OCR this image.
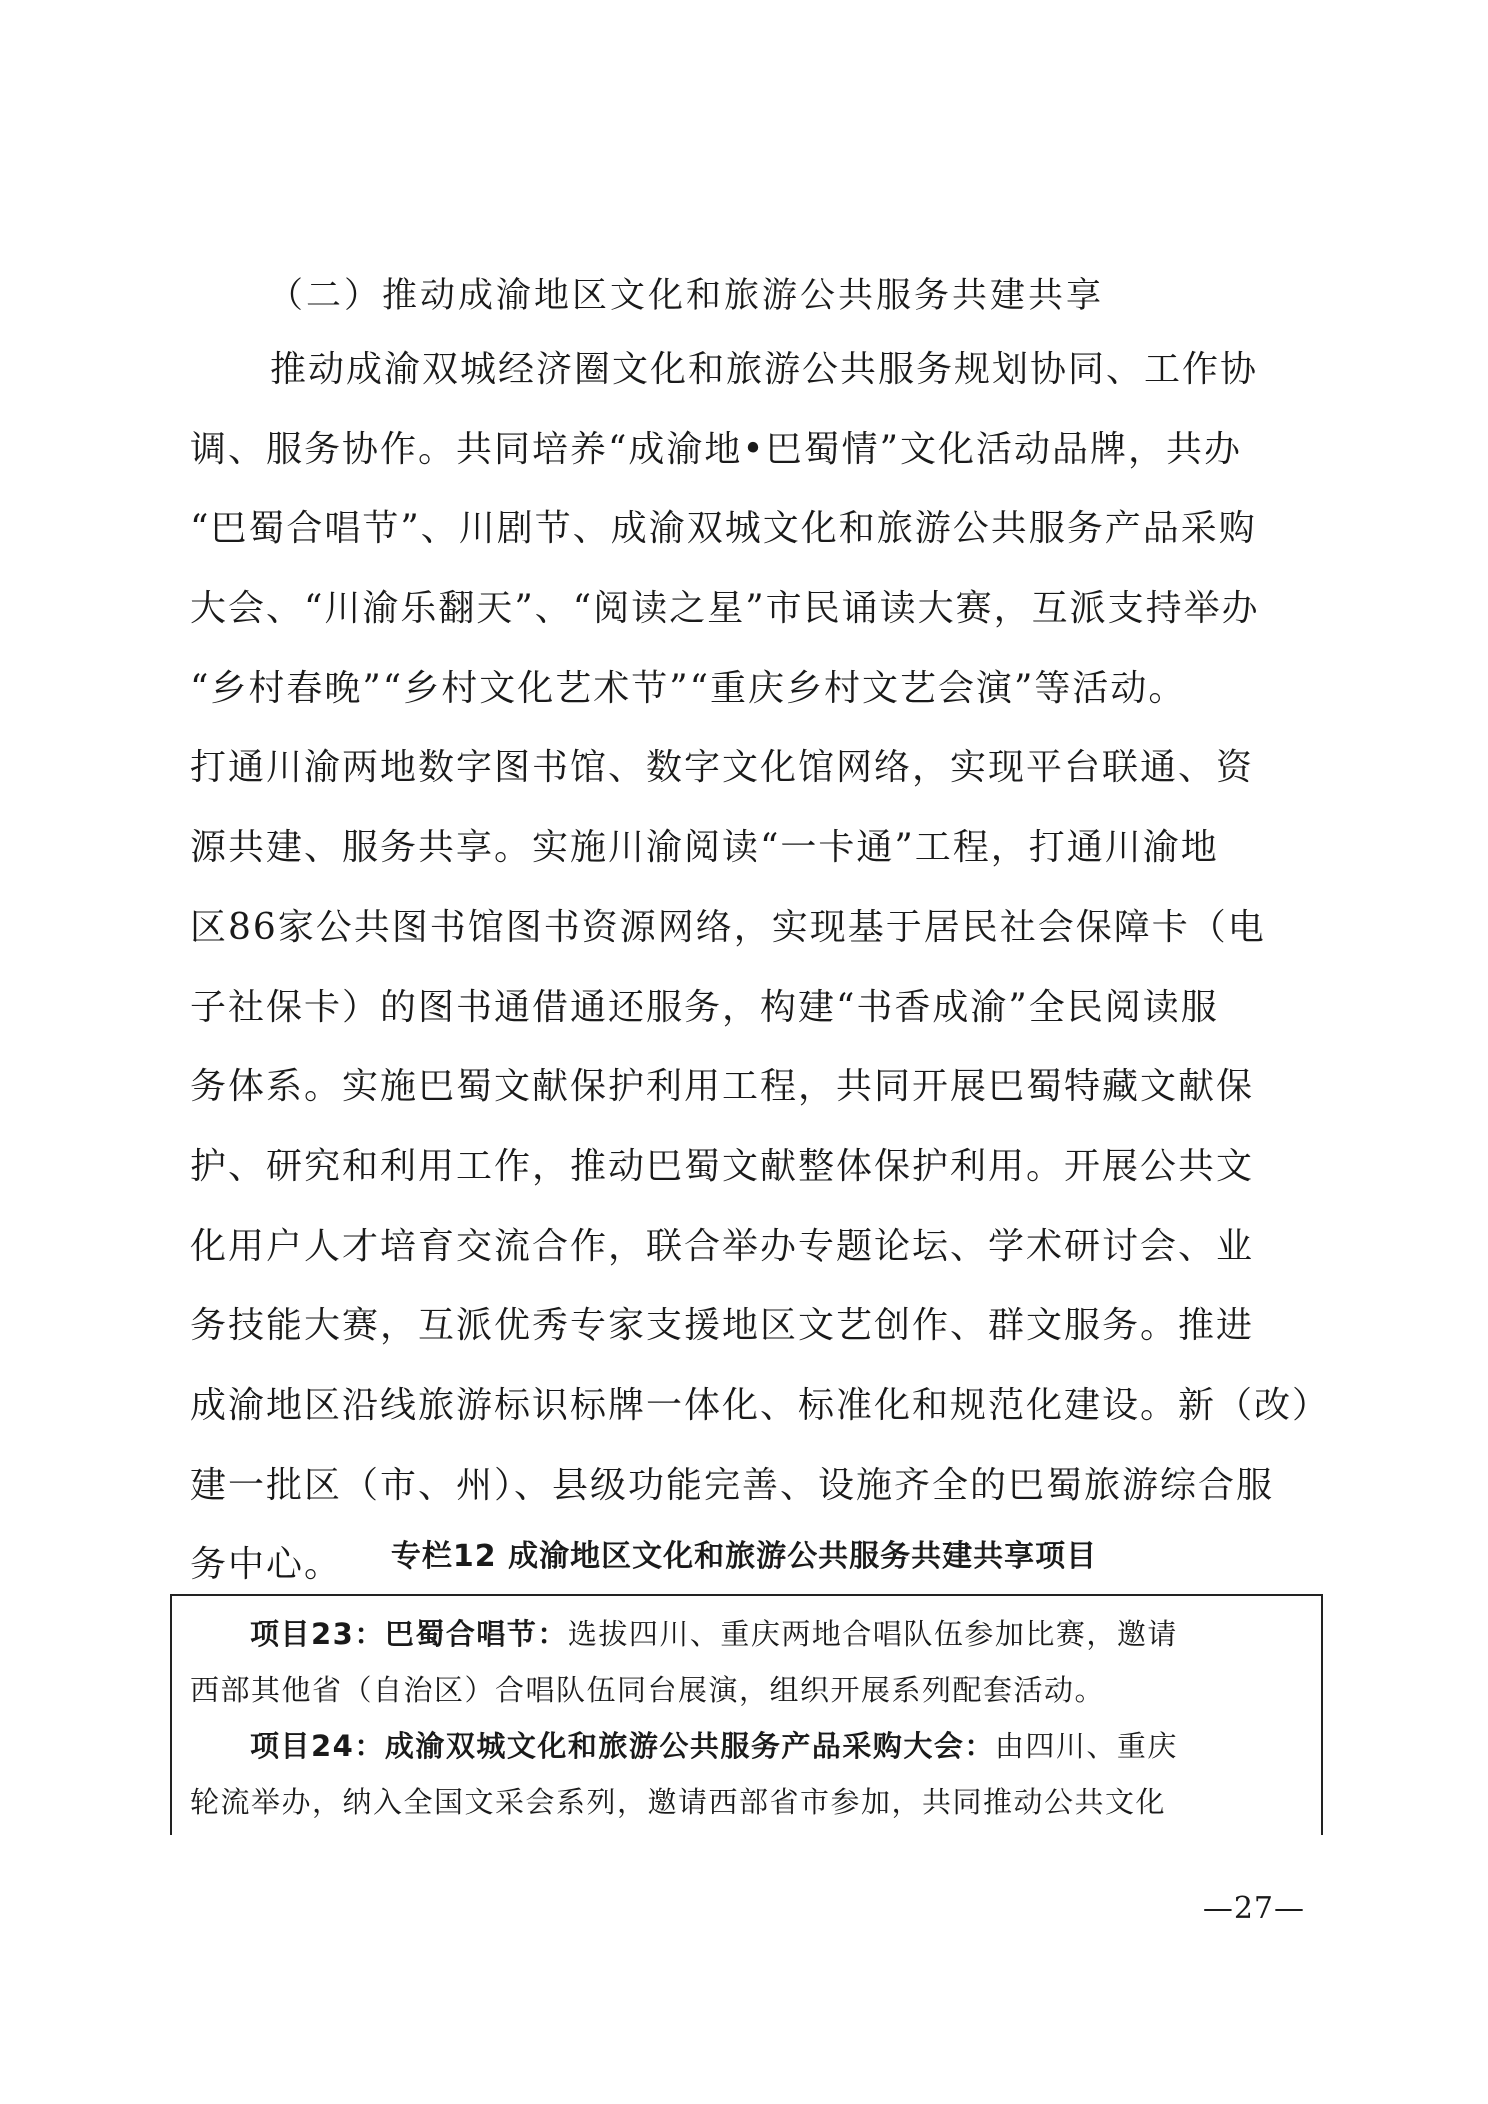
（二）推动成渝地区文化和旅游公共服务共建共享
推动成渝双城经济圈文化和旅游公共服务规划协同、工作协
调、服务协作。共同培养“成渝地•巴蜀情”文化活动品牌，共办
“巴蜀合唱节”、川剧节、成渝双城文化和旅游公共服务产品采购
大会、“川渝乐翻天”、“阅读之星”市民诵读大赛，互派支持举办
“乡村春晚”“乡村文化艺术节”“重庆乡村文艺会演”等活动。
打通川渝两地数字图书馆、数字文化馆网络，实现平台联通、资
源共建、服务共享。实施川渝阅读“一卡通”工程，打通川渝地
区86家公共图书馆图书资源网络，实现基于居民社会保障卡（电
子社保卡）的图书通借通还服务，构建“书香成渝”全民阅读服
务体系。实施巴蜀文献保护利用工程，共同开展巴蜀特藏文献保
护、研究和利用工作，推动巴蜀文献整体保护利用。开展公共文
化用户人才培育交流合作，联合举办专题论坛、学术研讨会、业
务技能大赛，互派优秀专家支援地区文艺创作、群文服务。推进
成渝地区沿线旅游标识标牌一体化、标准化和规范化建设。新（改）
建一批区（市、州）、县级功能完善、设施齐全的巴蜀旅游综合服
务中心。	专栏12 成渝地区文化和旅游公共服务共建共享项目
项目23：巴蜀合唱节：选拔四川、重庆两地合唱队伍参加比赛，邀请
西部其他省（自治区）合唱队伍同台展演，组织开展系列配套活动。
项目24：成渝双城文化和旅游公共服务产品采购大会：由四川、重庆
轮流举办，纳入全国文采会系列，邀请西部省市参加，共同推动公共文化
—27—
